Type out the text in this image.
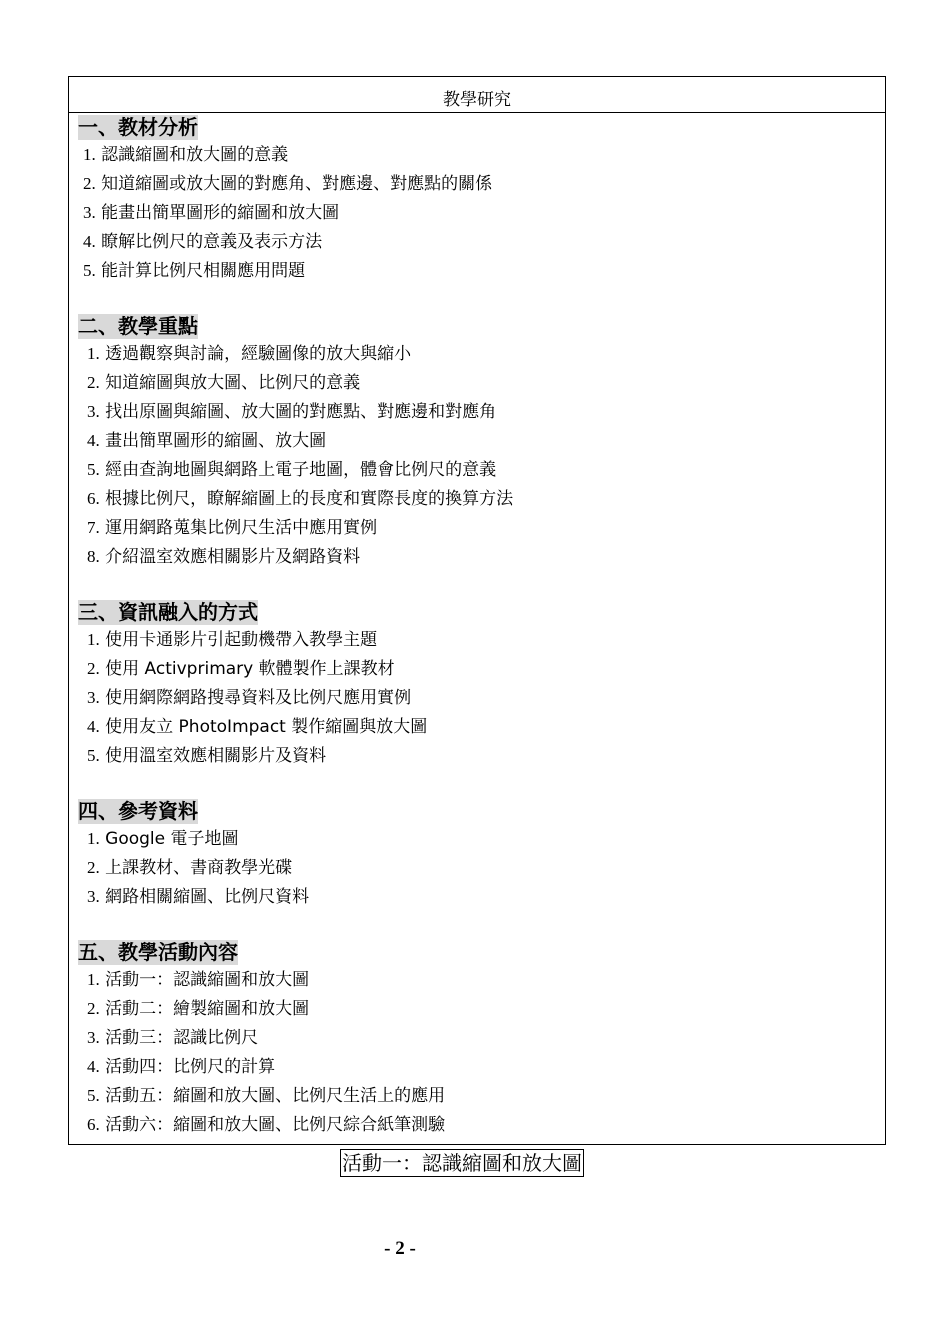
教學研究
一、教材分析
1. 認識縮圖和放大圖的意義
2. 知道縮圖或放大圖的對應角、對應邊、對應點的關係
3. 能畫出簡單圖形的縮圖和放大圖
4. 瞭解比例尺的意義及表示方法
5. 能計算比例尺相關應用問題
二、教學重點
1. 透過觀察與討論，經驗圖像的放大與縮小
2. 知道縮圖與放大圖、比例尺的意義
3. 找出原圖與縮圖、放大圖的對應點、對應邊和對應角
4. 畫出簡單圖形的縮圖、放大圖
5. 經由查詢地圖與網路上電子地圖，體會比例尺的意義
6. 根據比例尺，瞭解縮圖上的長度和實際長度的換算方法
7. 運用網路蒐集比例尺生活中應用實例
8. 介紹溫室效應相關影片及網路資料
三、資訊融入的方式
1. 使用卡通影片引起動機帶入教學主題
2. 使用 Activprimary 軟體製作上課教材
3. 使用網際網路搜尋資料及比例尺應用實例
4. 使用友立 PhotoImpact 製作縮圖與放大圖
5. 使用溫室效應相關影片及資料
四、參考資料
1. Google 電子地圖
2. 上課教材、書商教學光碟
3. 網路相關縮圖、比例尺資料
五、教學活動內容
1. 活動一：認識縮圖和放大圖
2. 活動二：繪製縮圖和放大圖
3. 活動三：認識比例尺
4. 活動四：比例尺的計算
5. 活動五：縮圖和放大圖、比例尺生活上的應用
6. 活動六：縮圖和放大圖、比例尺綜合紙筆測驗
活動一：認識縮圖和放大圖
- 2 -
